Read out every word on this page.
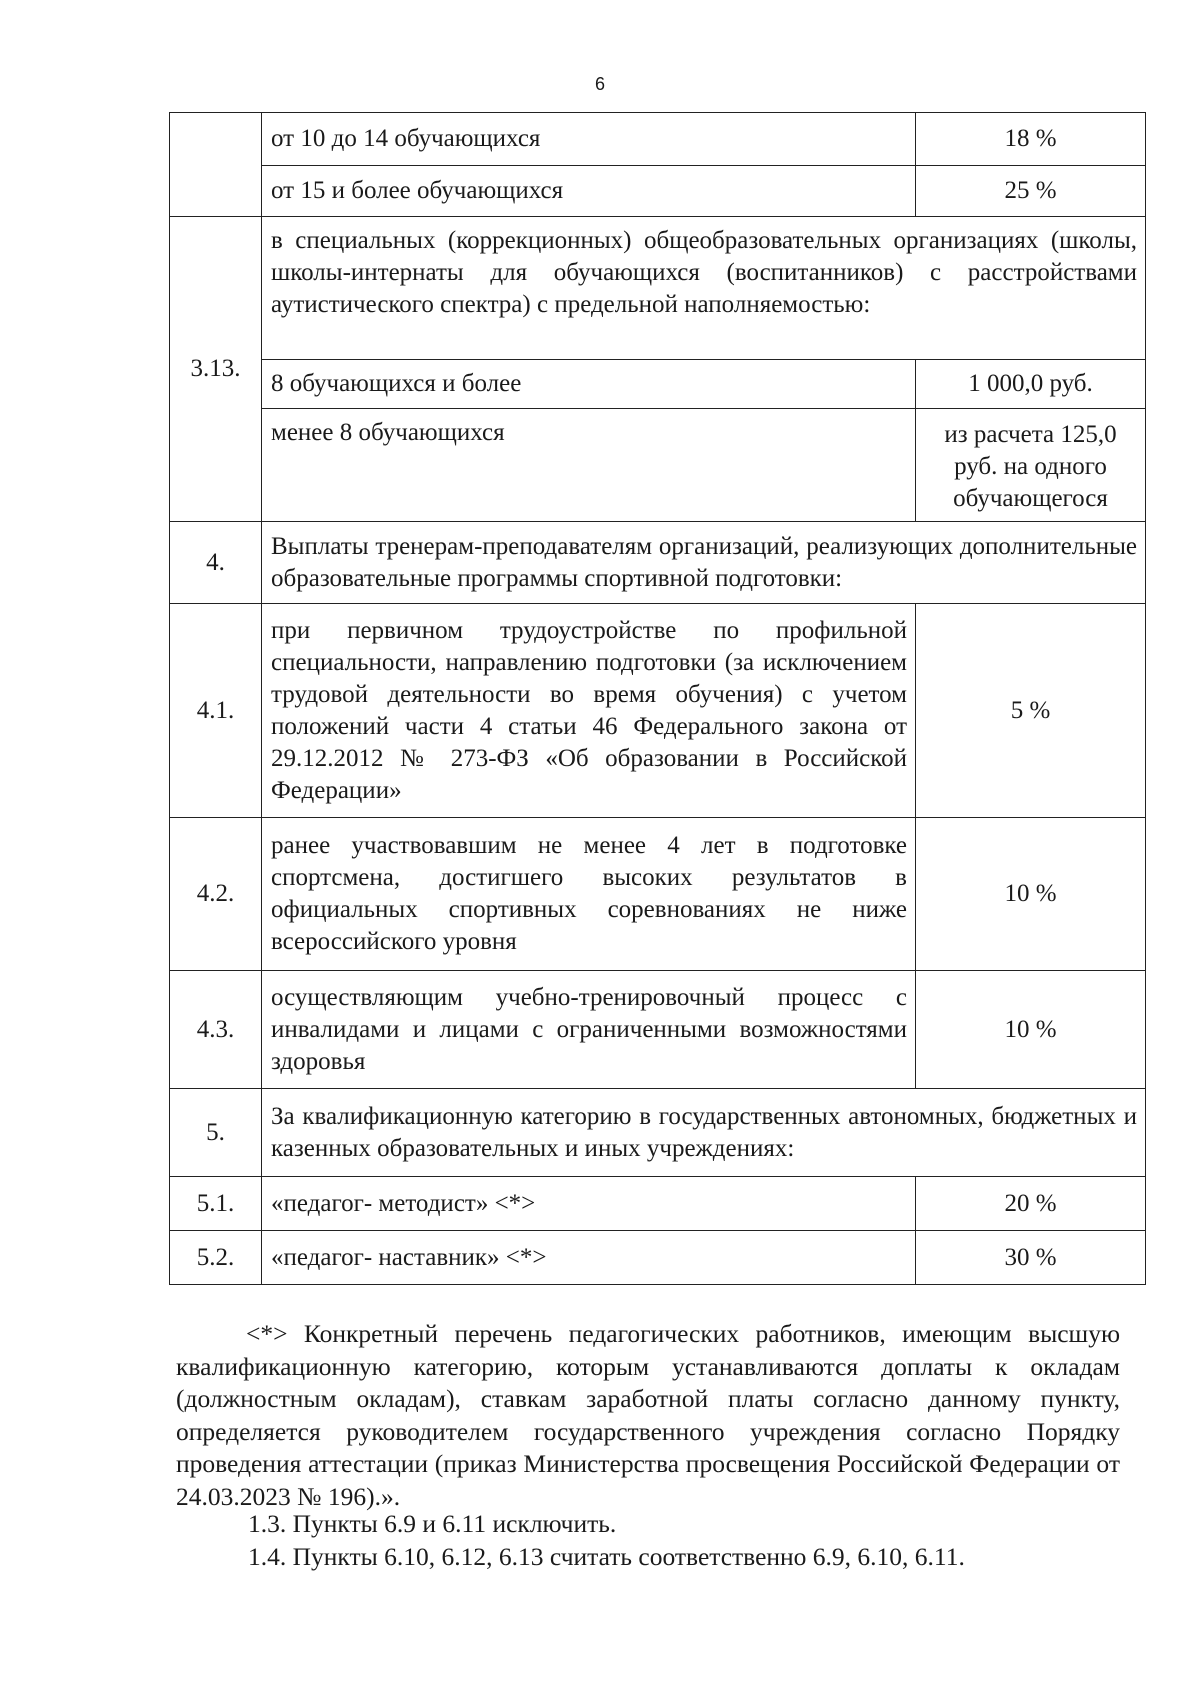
6
	от 10 до 14 обучающихся	18 %
	от 15 и более обучающихся	25 %
3.13.	в специальных (коррекционных) общеобразовательных организациях (школы, школы-интернаты для обучающихся (воспитанников) с расстройствами аутистического спектра) с предельной наполняемостью:	
	8 обучающихся и более	1 000,0 руб.
	менее 8 обучающихся	из расчета 125,0 руб. на одного обучающегося
4.	Выплаты тренерам-преподавателям организаций, реализующих дополнительные образовательные программы спортивной подготовки:	
4.1.	при первичном трудоустройстве по профильной специальности, направлению подготовки (за исключением трудовой деятельности во время обучения) с учетом положений части 4 статьи 46 Федерального закона от 29.12.2012 № 273-ФЗ «Об образовании в Российской Федерации»	5 %
4.2.	ранее участвовавшим не менее 4 лет в подготовке спортсмена, достигшего высоких результатов в официальных спортивных соревнованиях не ниже всероссийского уровня	10 %
4.3.	осуществляющим учебно-тренировочный процесс с инвалидами и лицами с ограниченными возможностями здоровья	10 %
5.	За квалификационную категорию в государственных автономных, бюджетных и казенных образовательных и иных учреждениях:	
5.1.	«педагог- методист» <*>	20 %
5.2.	«педагог- наставник» <*>	30 %

<*> Конкретный перечень педагогических работников, имеющим высшую квалификационную категорию, которым устанавливаются доплаты к окладам (должностным окладам), ставкам заработной платы согласно данному пункту, определяется руководителем государственного учреждения согласно Порядку проведения аттестации (приказ Министерства просвещения Российской Федерации от 24.03.2023 № 196).».

1.3. Пункты 6.9 и 6.11 исключить.
1.4. Пункты 6.10, 6.12, 6.13 считать соответственно 6.9, 6.10, 6.11.
